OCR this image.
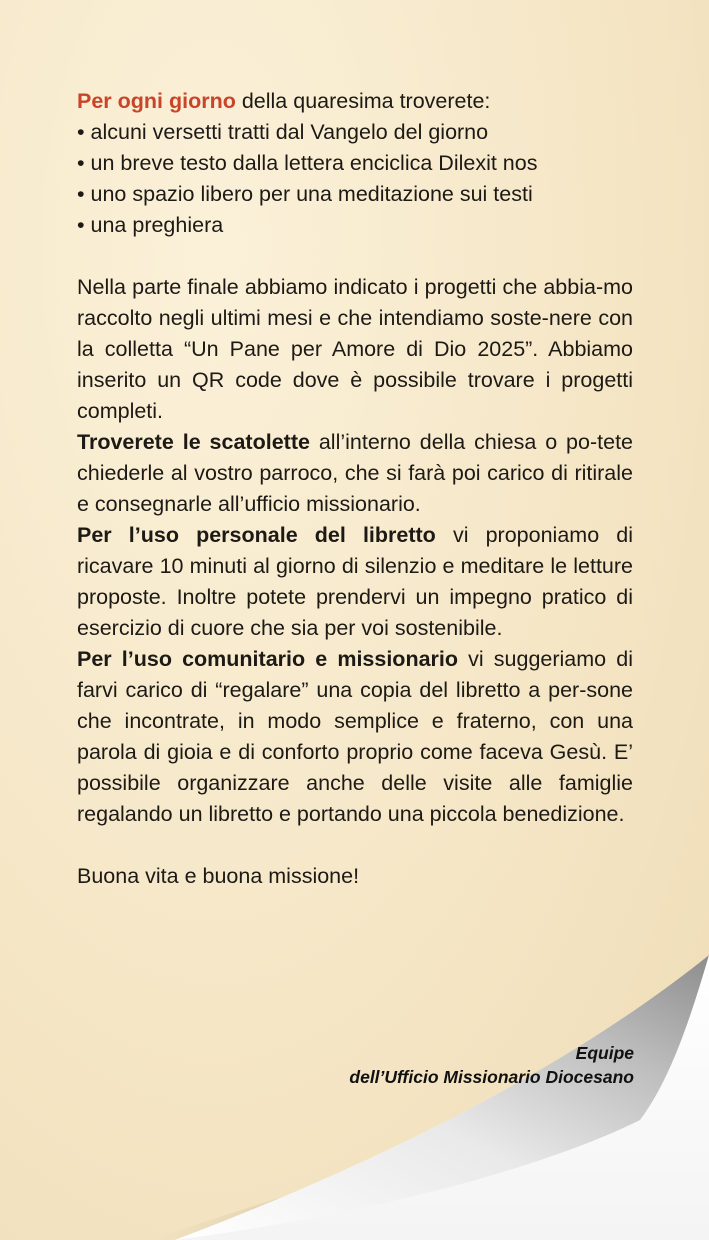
Per ogni giorno della quaresima troverete:

• alcuni versetti tratti dal Vangelo del giorno
• un breve testo dalla lettera enciclica Dilexit nos
• uno spazio libero per una meditazione sui testi
• una preghiera

Nella parte finale abbiamo indicato i progetti che abbia-mo raccolto negli ultimi mesi e che intendiamo soste-nere con la colletta “Un Pane per Amore di Dio 2025”. Abbiamo inserito un QR code dove è possibile trovare i progetti completi.

Troverete le scatolette all’interno della chiesa o po-tete chiederle al vostro parroco, che si farà poi carico di ritirale e consegnarle all’ufficio missionario.

Per l’uso personale del libretto vi proponiamo di ricavare 10 minuti al giorno di silenzio e meditare le letture proposte. Inoltre potete prendervi un impegno pratico di esercizio di cuore che sia per voi sostenibile.

Per l’uso comunitario e missionario vi suggeriamo di farvi carico di “regalare” una copia del libretto a per-sone che incontrate, in modo semplice e fraterno, con una parola di gioia e di conforto proprio come faceva Gesù. E’ possibile organizzare anche delle visite alle famiglie regalando un libretto e portando una piccola benedizione.

Buona vita e buona missione!

Equipe
dell’Ufficio Missionario Diocesano
